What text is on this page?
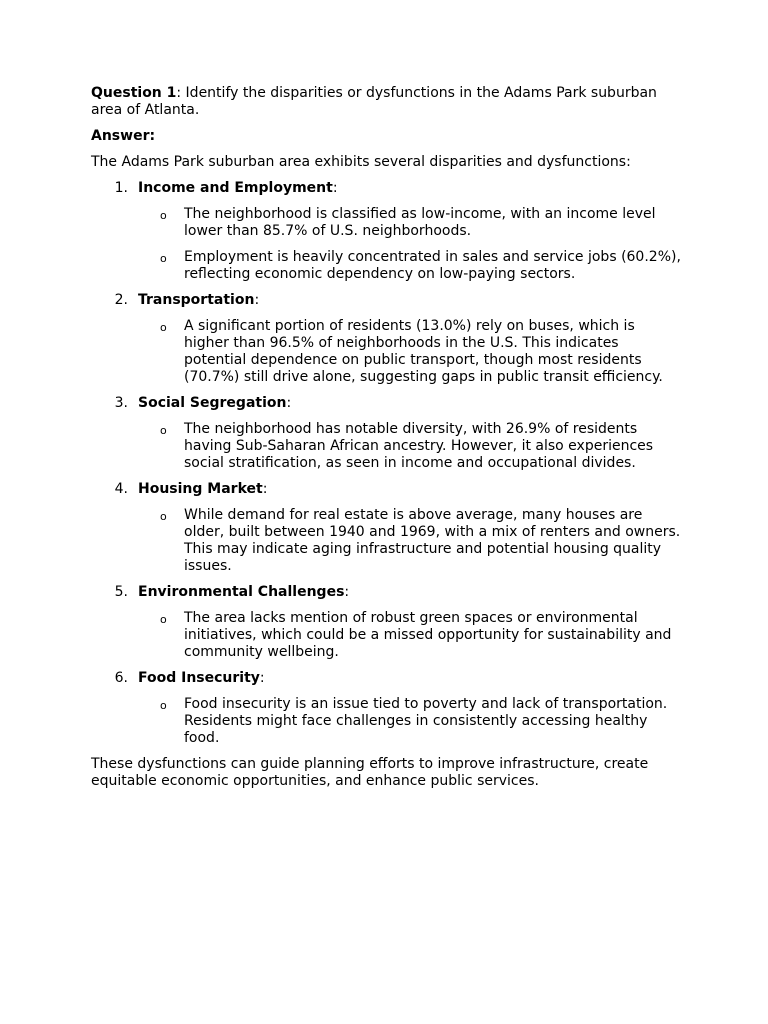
Question 1: Identify the disparities or dysfunctions in the Adams Park suburban area of Atlanta.

Answer:

The Adams Park suburban area exhibits several disparities and dysfunctions:

1. Income and Employment:
o The neighborhood is classified as low-income, with an income level lower than 85.7% of U.S. neighborhoods.
o Employment is heavily concentrated in sales and service jobs (60.2%), reflecting economic dependency on low-paying sectors.
2. Transportation:
o A significant portion of residents (13.0%) rely on buses, which is higher than 96.5% of neighborhoods in the U.S. This indicates potential dependence on public transport, though most residents (70.7%) still drive alone, suggesting gaps in public transit efficiency.
3. Social Segregation:
o The neighborhood has notable diversity, with 26.9% of residents having Sub-Saharan African ancestry. However, it also experiences social stratification, as seen in income and occupational divides.
4. Housing Market:
o While demand for real estate is above average, many houses are older, built between 1940 and 1969, with a mix of renters and owners. This may indicate aging infrastructure and potential housing quality issues.
5. Environmental Challenges:
o The area lacks mention of robust green spaces or environmental initiatives, which could be a missed opportunity for sustainability and community wellbeing.
6. Food Insecurity:
o Food insecurity is an issue tied to poverty and lack of transportation. Residents might face challenges in consistently accessing healthy food.

These dysfunctions can guide planning efforts to improve infrastructure, create equitable economic opportunities, and enhance public services.
